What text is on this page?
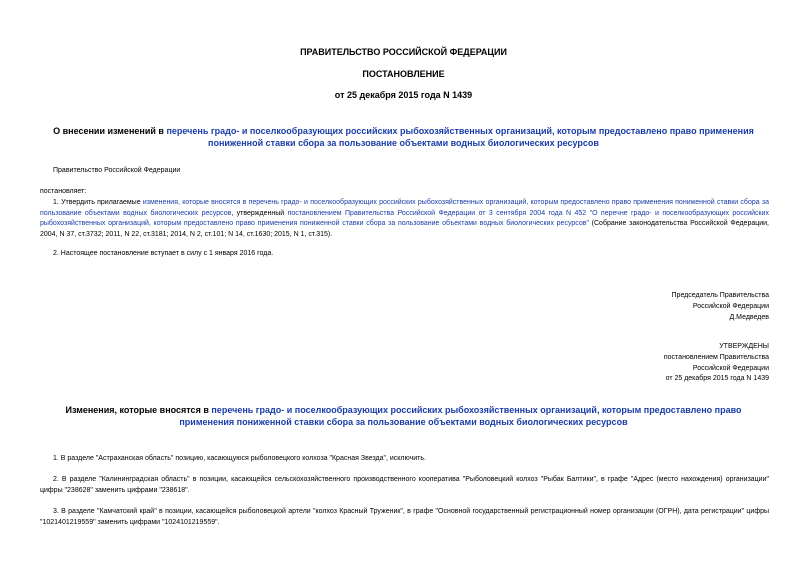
ПРАВИТЕЛЬСТВО РОССИЙСКОЙ ФЕДЕРАЦИИ
ПОСТАНОВЛЕНИЕ
от 25 декабря 2015 года N 1439
О внесении изменений в перечень градо- и поселкообразующих российских рыбохозяйственных организаций, которым предоставлено право применения пониженной ставки сбора за пользование объектами водных биологических ресурсов
Правительство Российской Федерации
постановляет:
1. Утвердить прилагаемые изменения, которые вносятся в перечень градо- и поселкообразующих российских рыбохозяйственных организаций, которым предоставлено право применения пониженной ставки сбора за пользование объектами водных биологических ресурсов, утвержденный постановлением Правительства Российской Федерации от 3 сентября 2004 года N 452 "О перечне градо- и поселкообразующих российских рыбохозяйственных организаций, которым предоставлено право применения пониженной ставки сбора за пользование объектами водных биологических ресурсов" (Собрание законодательства Российской Федерации, 2004, N 37, ст.3732; 2011, N 22, ст.3181; 2014, N 2, ст.101; N 14, ст.1630; 2015, N 1, ст.315).
2. Настоящее постановление вступает в силу с 1 января 2016 года.
Председатель Правительства
Российской Федерации
Д.Медведев
УТВЕРЖДЕНЫ
постановлением Правительства
Российской Федерации
от 25 декабря 2015 года N 1439
Изменения, которые вносятся в перечень градо- и поселкообразующих российских рыбохозяйственных организаций, которым предоставлено право применения пониженной ставки сбора за пользование объектами водных биологических ресурсов
1. В разделе "Астраханская область" позицию, касающуюся рыболовецкого колхоза "Красная Звезда", исключить.
2. В разделе "Калининградская область" в позиции, касающейся сельскохозяйственного производственного кооператива "Рыболовецкий колхоз "Рыбак Балтики", в графе "Адрес (место нахождения) организации" цифры "238628" заменить цифрами "238618".
3. В разделе "Камчатский край" в позиции, касающейся рыболовецкой артели "колхоз Красный Труженик", в графе "Основной государственный регистрационный номер организации (ОГРН), дата регистрации" цифры "1021401219559" заменить цифрами "1024101219559".
